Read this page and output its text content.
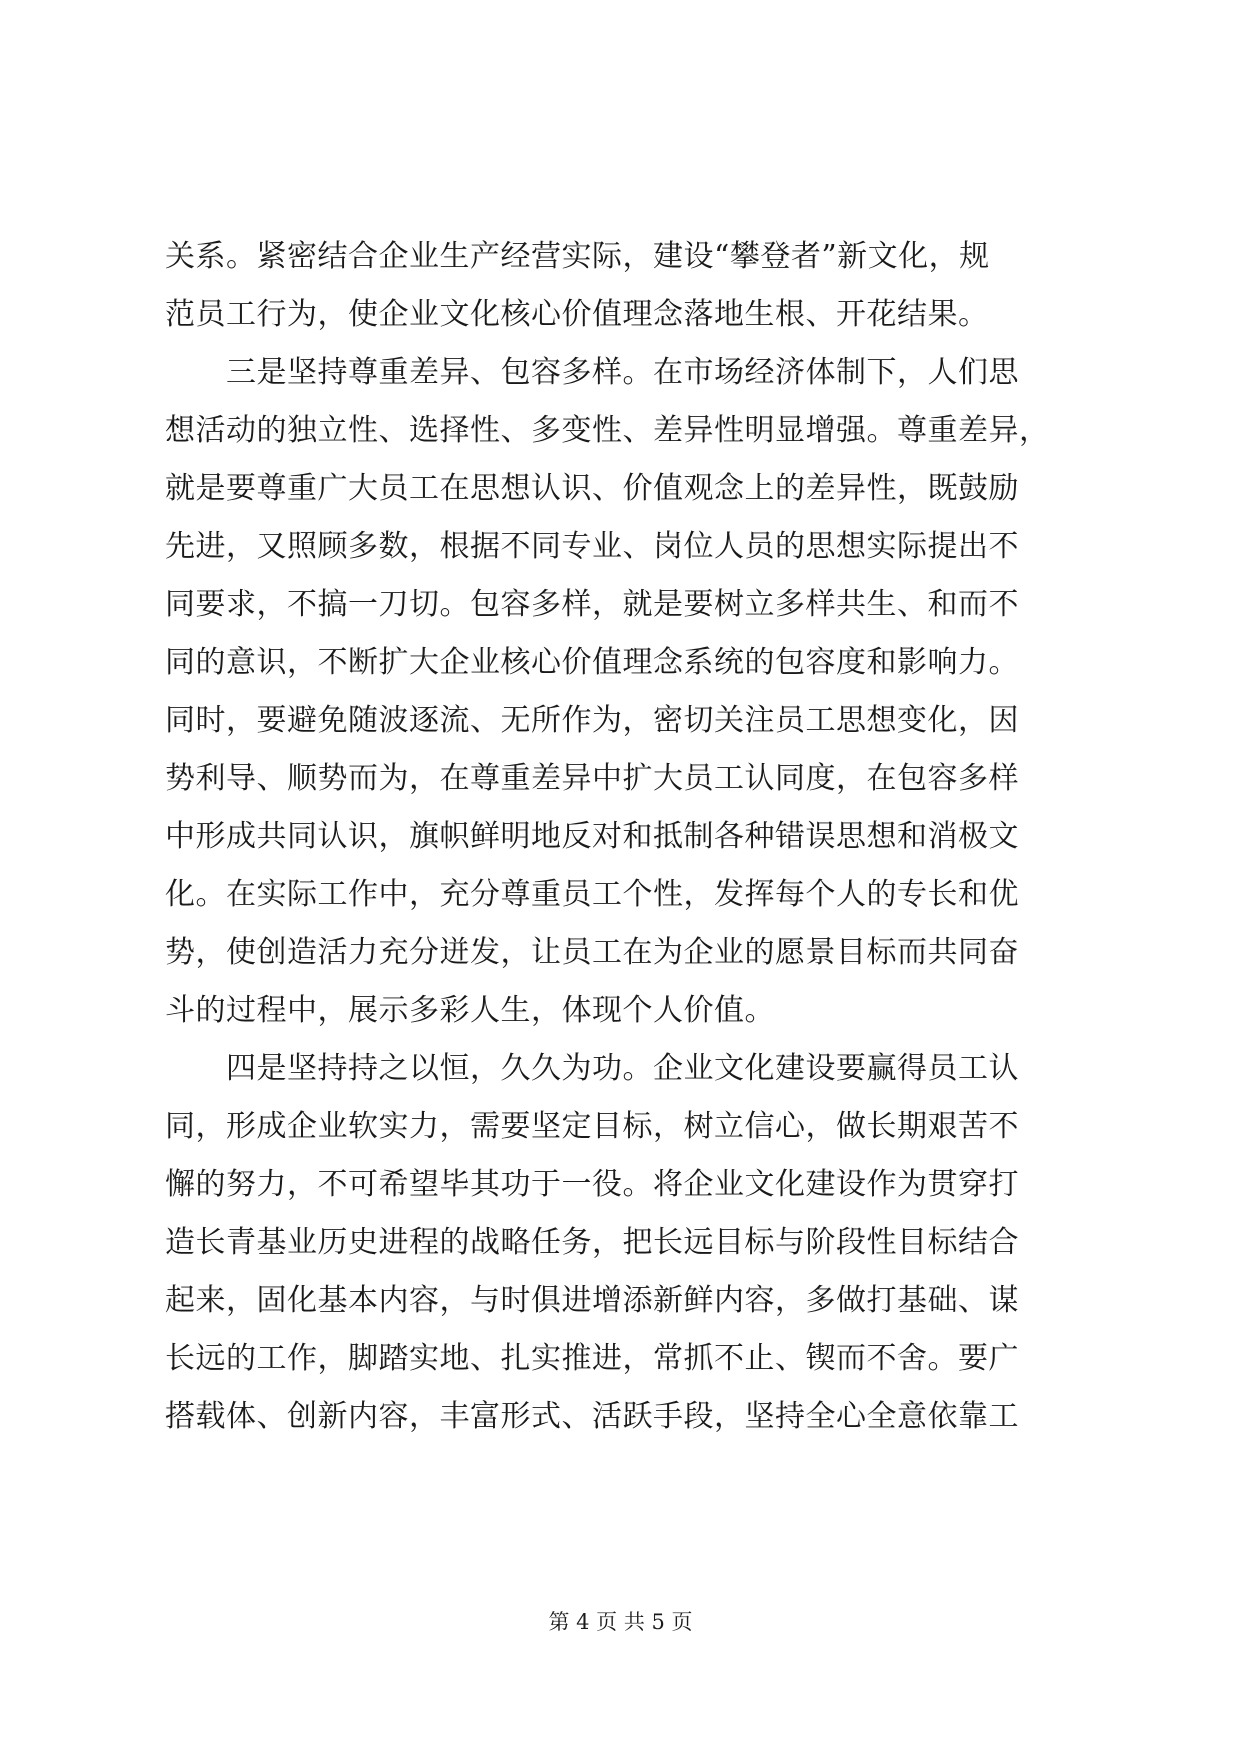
关系。紧密结合企业生产经营实际，建设“攀登者”新文化，规
范员工行为，使企业文化核心价值理念落地生根、开花结果。
　　三是坚持尊重差异、包容多样。在市场经济体制下，人们思
想活动的独立性、选择性、多变性、差异性明显增强。尊重差异，
就是要尊重广大员工在思想认识、价值观念上的差异性，既鼓励
先进，又照顾多数，根据不同专业、岗位人员的思想实际提出不
同要求，不搞一刀切。包容多样，就是要树立多样共生、和而不
同的意识，不断扩大企业核心价值理念系统的包容度和影响力。
同时，要避免随波逐流、无所作为，密切关注员工思想变化，因
势利导、顺势而为，在尊重差异中扩大员工认同度，在包容多样
中形成共同认识，旗帜鲜明地反对和抵制各种错误思想和消极文
化。在实际工作中，充分尊重员工个性，发挥每个人的专长和优
势，使创造活力充分迸发，让员工在为企业的愿景目标而共同奋
斗的过程中，展示多彩人生，体现个人价值。
　　四是坚持持之以恒，久久为功。企业文化建设要赢得员工认
同，形成企业软实力，需要坚定目标，树立信心，做长期艰苦不
懈的努力，不可希望毕其功于一役。将企业文化建设作为贯穿打
造长青基业历史进程的战略任务，把长远目标与阶段性目标结合
起来，固化基本内容，与时俱进增添新鲜内容，多做打基础、谋
长远的工作，脚踏实地、扎实推进，常抓不止、锲而不舍。要广
搭载体、创新内容，丰富形式、活跃手段，坚持全心全意依靠工
第 4 页 共 5 页
